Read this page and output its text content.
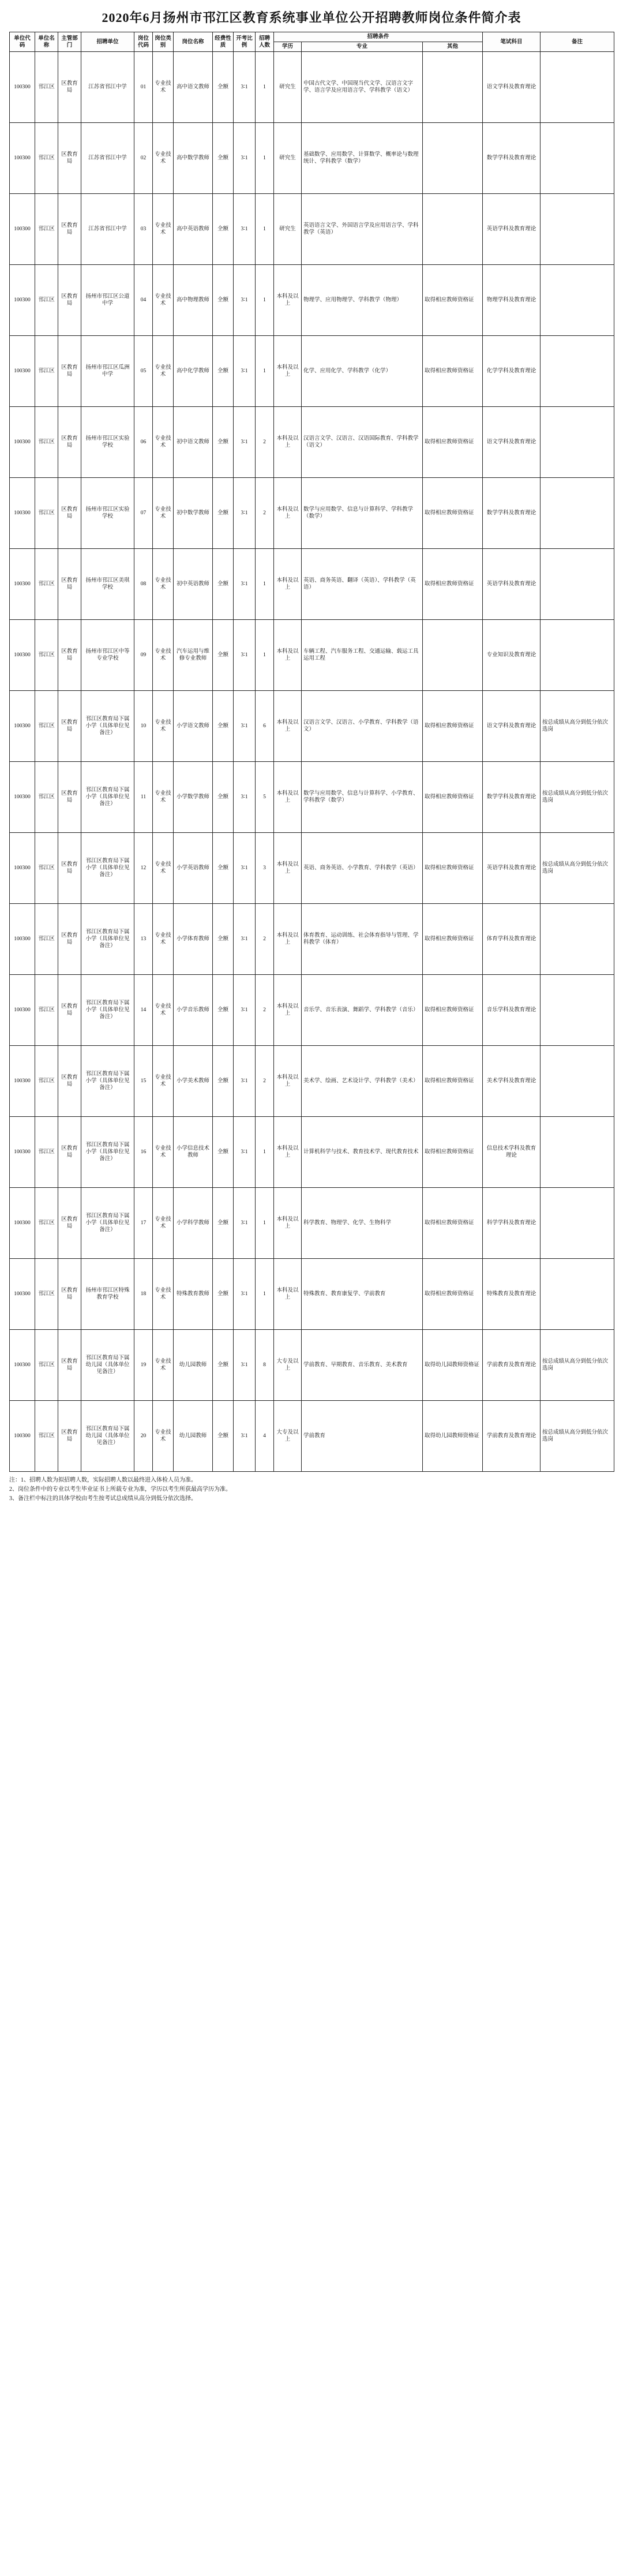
2020年6月扬州市邗江区教育系统事业单位公开招聘教师岗位条件简介表
单位代码	单位名称	主管部门	招聘单位	岗位代码	岗位类别	岗位名称	经费性质	开考比例	招聘人数	招聘条件			笔试科目	备注
										学历	专业	其他		
100300	邗江区	区教育局	江苏省邗江中学	01	专业技术	高中语文教师	全额	3∶1	1	研究生	中国古代文学、中国现当代文学、汉语言文字学、语言学及应用语言学、学科教学（语文）		语文学科及教育理论	
100300	邗江区	区教育局	江苏省邗江中学	02	专业技术	高中数学教师	全额	3∶1	1	研究生	基础数学、应用数学、计算数学、概率论与数理统计、学科教学（数学）		数学学科及教育理论	
100300	邗江区	区教育局	江苏省邗江中学	03	专业技术	高中英语教师	全额	3∶1	1	研究生	英语语言文学、外国语言学及应用语言学、学科教学（英语）		英语学科及教育理论	
100300	邗江区	区教育局	扬州市邗江区公道中学	04	专业技术	高中物理教师	全额	3∶1	1	本科及以上	物理学、应用物理学、学科教学（物理）	取得相应教师资格证	物理学科及教育理论	
100300	邗江区	区教育局	扬州市邗江区瓜洲中学	05	专业技术	高中化学教师	全额	3∶1	1	本科及以上	化学、应用化学、学科教学（化学）	取得相应教师资格证	化学学科及教育理论	
100300	邗江区	区教育局	扬州市邗江区实验学校	06	专业技术	初中语文教师	全额	3∶1	2	本科及以上	汉语言文学、汉语言、汉语国际教育、学科教学（语文）	取得相应教师资格证	语文学科及教育理论	
100300	邗江区	区教育局	扬州市邗江区实验学校	07	专业技术	初中数学教师	全额	3∶1	2	本科及以上	数学与应用数学、信息与计算科学、学科教学（数学）	取得相应教师资格证	数学学科及教育理论	
100300	邗江区	区教育局	扬州市邗江区美琪学校	08	专业技术	初中英语教师	全额	3∶1	1	本科及以上	英语、商务英语、翻译（英语）、学科教学（英语）	取得相应教师资格证	英语学科及教育理论	
100300	邗江区	区教育局	扬州市邗江区中等专业学校	09	专业技术	汽车运用与维修专业教师	全额	3∶1	1	本科及以上	车辆工程、汽车服务工程、交通运输、载运工具运用工程		专业知识及教育理论	
100300	邗江区	区教育局	邗江区教育局下属小学（具体单位见备注）	10	专业技术	小学语文教师	全额	3∶1	6	本科及以上	汉语言文学、汉语言、小学教育、学科教学（语文）	取得相应教师资格证	语文学科及教育理论	按总成绩从高分到低分依次选岗
100300	邗江区	区教育局	邗江区教育局下属小学（具体单位见备注）	11	专业技术	小学数学教师	全额	3∶1	5	本科及以上	数学与应用数学、信息与计算科学、小学教育、学科教学（数学）	取得相应教师资格证	数学学科及教育理论	按总成绩从高分到低分依次选岗
100300	邗江区	区教育局	邗江区教育局下属小学（具体单位见备注）	12	专业技术	小学英语教师	全额	3∶1	3	本科及以上	英语、商务英语、小学教育、学科教学（英语）	取得相应教师资格证	英语学科及教育理论	按总成绩从高分到低分依次选岗
100300	邗江区	区教育局	邗江区教育局下属小学（具体单位见备注）	13	专业技术	小学体育教师	全额	3∶1	2	本科及以上	体育教育、运动训练、社会体育指导与管理、学科教学（体育）	取得相应教师资格证	体育学科及教育理论	
100300	邗江区	区教育局	邗江区教育局下属小学（具体单位见备注）	14	专业技术	小学音乐教师	全额	3∶1	2	本科及以上	音乐学、音乐表演、舞蹈学、学科教学（音乐）	取得相应教师资格证	音乐学科及教育理论	
100300	邗江区	区教育局	邗江区教育局下属小学（具体单位见备注）	15	专业技术	小学美术教师	全额	3∶1	2	本科及以上	美术学、绘画、艺术设计学、学科教学（美术）	取得相应教师资格证	美术学科及教育理论	
100300	邗江区	区教育局	邗江区教育局下属小学（具体单位见备注）	16	专业技术	小学信息技术教师	全额	3∶1	1	本科及以上	计算机科学与技术、教育技术学、现代教育技术	取得相应教师资格证	信息技术学科及教育理论	
100300	邗江区	区教育局	邗江区教育局下属小学（具体单位见备注）	17	专业技术	小学科学教师	全额	3∶1	1	本科及以上	科学教育、物理学、化学、生物科学	取得相应教师资格证	科学学科及教育理论	
100300	邗江区	区教育局	扬州市邗江区特殊教育学校	18	专业技术	特殊教育教师	全额	3∶1	1	本科及以上	特殊教育、教育康复学、学前教育	取得相应教师资格证	特殊教育及教育理论	
100300	邗江区	区教育局	邗江区教育局下属幼儿园（具体单位见备注）	19	专业技术	幼儿园教师	全额	3∶1	8	大专及以上	学前教育、早期教育、音乐教育、美术教育	取得幼儿园教师资格证	学前教育及教育理论	按总成绩从高分到低分依次选岗
100300	邗江区	区教育局	邗江区教育局下属幼儿园（具体单位见备注）	20	专业技术	幼儿园教师	全额	3∶1	4	大专及以上	学前教育	取得幼儿园教师资格证	学前教育及教育理论	按总成绩从高分到低分依次选岗

注：1、招聘人数为拟招聘人数，实际招聘人数以最终进入体检人员为准。

2、岗位条件中的专业以考生毕业证书上所载专业为准，学历以考生所获最高学历为准。

3、备注栏中标注的具体学校由考生按考试总成绩从高分到低分依次选择。
